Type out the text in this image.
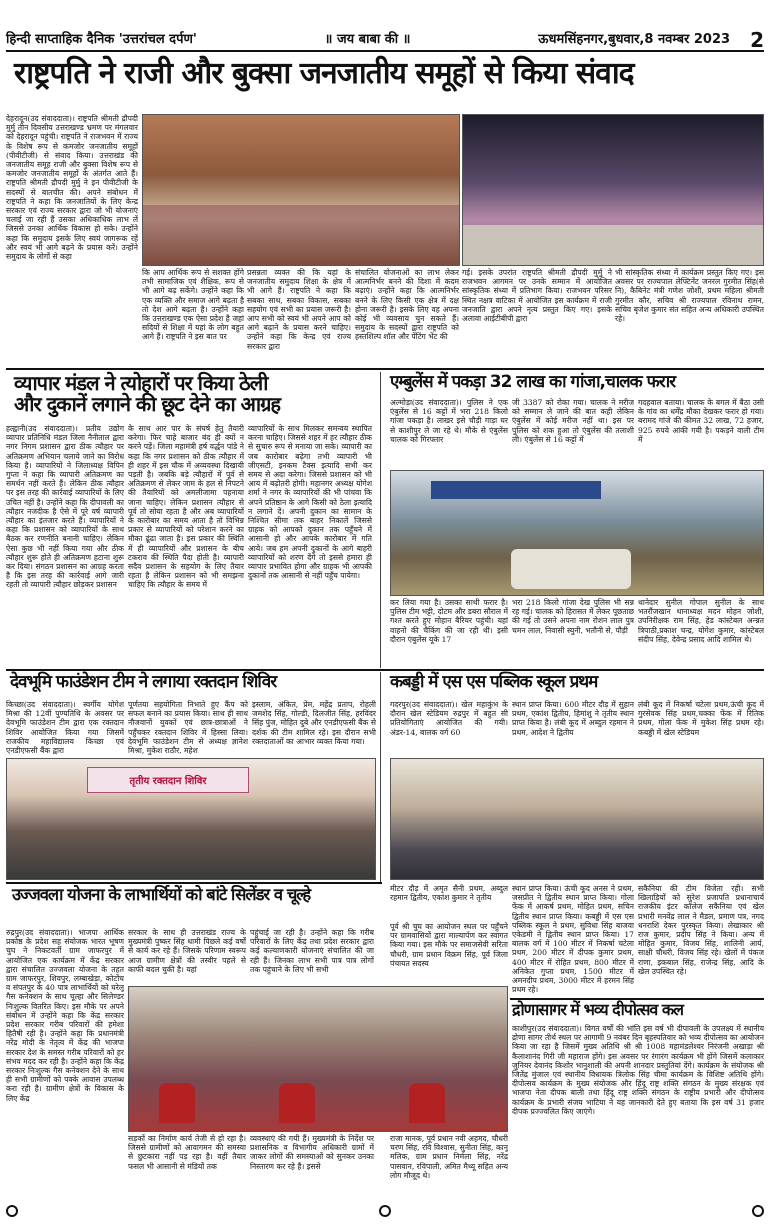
हिन्दी साप्ताहिक दैनिक 'उत्तरांचल दर्पण'	॥ जय बाबा की ॥	ऊधमसिंहनगर,बुधवार,8 नवम्बर 2023 2
राष्ट्रपति ने राजी और बुक्सा जनजातीय समूहों से किया संवाद
देहरादून(उद संवाददाता)। राष्ट्रपति श्रीमती द्रौपदी मुर्मु तीन दिवसीय उत्तराखण्ड भ्रमण पर मंगलवार को देहरादून पहुंची। राष्ट्रपति ने राजभवन में राज्य के विशेष रूप से कमजोर जनजातीय समूहों (पीवीटीजी) से संवाद किया। उत्तराखंड की जनजातीय समूह राजी और बुक्सा विशेष रूप से कमजोर जनजातीय समूहों के अंतर्गत आते हैं। राष्ट्रपति श्रीमती द्रौपदी मुर्मु ने इन पीवीटीजी के सदस्यों से बातचीत की। अपने संबोधन में राष्ट्रपति ने कहा कि जनजातियों के लिए केन्द्र सरकार एवं राज्य सरकार द्वारा जो भी योजनाएं चलाई जा रही हैं उसका अधिकाधिक लाभ लें जिससे उनका आर्थिक विकास हो सके। उन्होंने कहा कि समुदाय इसके लिए स्वयं जागरूक रहें और स्वयं भी आगे बढ़ने के प्रयास करें। उन्होंने समुदाय के लोगों से कहा
कि आप आर्थिक रूप से सशक्त होंगे तभी सामाजिक एवं शैक्षिक, रूप से भी आगे बढ़ सकेंगे। उन्होंने कहा कि एक व्यक्ति और समाज आगे बढ़ता है तो देश आगे बढ़ता है। उन्होंने कहा कि उत्तराखण्ड एक ऐसा प्रदेश है जहां सदियों से शिक्षा में यहां के लोग बहुत आगे हैं। राष्ट्रपति ने इस बात पर
प्रसन्नता व्यक्त की कि यहां के जनजातीय समुदाय शिक्षा के क्षेत्र में भी आगे हैं। राष्ट्रपति ने कहा कि सबका साथ, सबका विकास, सबका सहयोग एवं सभी का प्रयास जरूरी है। आप सभी को स्वयं भी अपने आप को आगे बढ़ाने के प्रयास करने चाहिए। उन्होंने कहा कि केन्द्र एवं राज्य सरकार द्वारा
संचालित योजनाओं का लाभ लेकर आत्मनिर्भर बनने की दिशा में कदम बढ़ाएं। उन्होंने कहा कि आत्मनिर्भर बनने के लिए किसी एक क्षेत्र में दक्ष होना जरूरी है। इसके लिए वह अपना कोई भी व्यवसाय चुन सकते हैं। समुदाय के सदस्यों द्वारा राष्ट्रपति को हस्तशिल्प शॉल और पेंटिंग भेंट की
गई। इसके उपरांत राष्ट्रपति श्रीमती द्रौपदी मुर्मु ने राजभवन आगमन पर उनके सम्मान में आयोजित सांस्कृतिक संध्या में प्रतिभाग किया। राजभवन परिसर स्थित नक्षत्र वाटिका में आयोजित इस कार्यक्रम में राजी जनजाति द्वारा अपने नृत्य प्रस्तुत किए गए। इसके अलावा आईटीबीपी द्वारा
भी सांस्कृतिक संध्या में कार्यक्रम प्रस्तुत किए गए। इस अवसर पर राज्यपाल लेफ्टिनेंट जनरल गुरमीत सिंह(से नि), कैबिनेट मंत्री गणेश जोशी, प्रथम महिला श्रीमती गुरमीत कौर, सचिव श्री राज्यपाल रविनाथ रामन, सचिव बृजेश कुमार संत सहित अन्य अधिकारी उपस्थित रहे।
व्यापार मंडल ने त्योहारों पर किया ठेली
और दुकानें लगाने की छूट देने का आग्रह
हल्द्वानी(उद संवाददाता)। प्रतीय उद्योग व्यापार प्रतिनिधि मंडल जिला नैनीताल द्वारा नगर निगम प्रशासन द्वारा ठीक त्यौहार पर अतिक्रमण अभियान चलाये जाने का विरोध किया है। व्यापारियों ने जिलाध्यक्ष विपिन गुप्ता ने कहा कि व्यापारी अतिक्रमण का समर्थन नहीं करते हैं। लेकिन ठीक त्यौहार पर इस तरह की कार्रवाई व्यापारियों के लिए उचित नहीं है। उन्होंने कहा कि दीपावली का त्यौहार नजदीक है ऐसे में पूरे वर्ष व्यापारी त्यौहार का इंतजार करते हैं। व्यापारियों ने कहा कि प्रशासन को व्यापारियों के साथ बैठक कर रणनीति बनानी चाहिए। लेकिन ऐसा कुछ भी नहीं किया गया और ठीक त्यौहार शुरू होते ही अतिक्रमण हटाना शुरू कर दिया। संगठन प्रशासन का आग्रह करता है कि इस तरह की कार्रवाई आगे जारी रहती तो व्यापारी त्यौहार छोड़कर प्रशासन
के साथ आर पार के संघर्ष हेतु तैयारी करेगा। फिर चाहे बाजार बंद ही क्यों न करने पड़ें। जिला महामंत्री हर्ष वर्द्धन पांडे ने कहा कि नगर प्रशासन को ठीक त्यौहार में ही शहर में इस चौक में अव्यवस्था दिखायी पड़ती है। जबकि बड़े त्यौहारों में पूर्व से अतिक्रमण से लेकर जाम के हल से निपटने की तैयारियों को अमलीजामा पहनाया जाना चाहिए। लेकिन प्रशासन त्यौहार से पूर्व तो सोया रहता है और अब व्यापारियों के कारोबार का समय आता है तो विभिन्न प्रकार से व्यापारियों को परेशान करने का मौका ढूंढा जाता है। इस प्रकार की स्थिति में ही व्यापारियों और प्रशासन के बीच टकराव की स्थिति पैदा होती है। व्यापारी सदैव प्रशासन के सहयोग के लिए तैयार रहता है लेकिन प्रशासन को भी समझना चाहिए कि त्यौहार के समय में
व्यापारियों के साथ मिलकर समन्वय स्थापित करना चाहिए। जिससे शहर में हर त्यौहार ठीक से सुचारु रूप से मनाया जा सके। व्यापारी का जब कारोबार बढ़ेगा तभी व्यापारी भी जीएसटी, इनकम टैक्स इत्यादि सभी कर समय से अदा करेगा। जिससे प्रशासन को भी आय में बढ़ोतरी होगी। महानगर अध्यक्ष योगेश शर्मा ने नगर के व्यापारियों की भी पांचवा कि अपने प्रतिष्ठान के आगे किसी को ठेला इत्यादि न लगाने दें। अपनी दुकान का सामान के निश्चित सीमा तक बाहर निकालें जिससे ग्राहक को आपको दुकान तक पहुँचने में आसानी हो और आपके कारोबार में गति आये। जब हम अपनी दुकानों के आगे बाहरी व्यापारियों को शरण देंगे तो इससे हमारा ही व्यापार प्रभावित होगा और ग्राहक भी आपकी दुकानों तक आसानी से नहीं पहुँच पायेगा।
एम्बुलेंस में पकड़ा 32 लाख का गांजा,चालक फरार
अल्मोड़ा(उद संवाददाता)। पुलिस ने एक एंबुलेंस से 16 कट्टों में भरा 218 किलो गांजा पकड़ा है। लाखर इसे चौड़ी गाड़ा घर से काशीपुर ले जा रहे थे। मौके से एंबुलेंस चालक को गिरफ्तार
जी 3387 को रोका गया। चालक ने मरीज को सम्मान ले जाने की बात कही लेकिन एंबुलेंस में कोई मरीज नहीं था। इस पर पुलिस को शक हुआ तो एंबुलेंस की तलाशी ली। एंबुलेंस से 16 कट्टों में
गदहवाल बताया। चालक के बगल में बैठा उसी के गांव का धर्मेंद्र मौका देखकर फरार हो गया। बरामद गांजे की कीमत 32 लाख, 72 हजार, 925 रुपये आंकी गयी है। पकड़ने वाली टीम में
कर लिया गया है। उसका साथी फरार है। पुलिस टीम भट्टी, दोटम और डबरा सौराल में गश्त करते हुए मोहान बैरियर पहुंची। यहां वाहनों की चैकिंग की जा रही थी। इसी दौरान एंबुलेंस यूके 17
भरा 218 किलो गांजा देख पुलिस भी सन्न रह गई। चालक को हिरासत में लेकर पूछताछ की गई तो उसने अपना नाम रोशन लाल पुत्र चमन लाल, निवासी स्युनी, भतौनी से, पौड़ी
थानेदार सुनील गोपाल सुनील के साथ भतरौंजखान थानाध्यक्ष मदन मोहन जोशी, उपनिरीक्षक राम सिंह, हेड कांस्टेबल अन्न्नत त्रिपाठी,प्रकाश चन्द्र, योगेश कुमार, कांस्टेबल संदीप सिंह, देवेन्द्र प्रसाद आदि शामिल थे।
देवभूमि फाउंडेशन टीम ने लगाया रक्तदान शिविर
किच्छा(उद संवाददाता)। स्वर्गीय योगेश मिश्रा की 12वीं पुण्यतिथि के अवसर पर देवभूमि फाउंडेशन टीम द्वारा एक रक्तदान शिविर आयोजित किया गया जिसमें राजकीय महाविद्यालय किच्छा एवं एनडीएफसी बैंक द्वारा
पूर्णतया सहयोगिता निभाते हुए कैंप को सफल बनाने का प्रयास किया। साथ ही साथ नौजवानों युवकों एवं छात्र-छात्राओं ने पहुँचकर रक्तदान शिविर में हिस्सा लिया। देवभूमि फाउंडेशन टीम से अध्यक्ष ज्ञानेश मिश्रा, मुकेश राठौर, महेश
इस्लाम, अंकित, प्रेम, महेंद्र प्रताप, रोहली जमशेद सिंह, गोल्डी, दिलजीत सिंह, हरविंदर सिंह पुंज, मोहित दुबे और एनडीएफसी बैंक से दर्शक की टीम शामिल रहे। इस दौरान सभी रक्तदाताओं का आभार व्यक्त किया गया।
तृतीय रक्तदान शिविर
कबड्डी में एस एस पब्लिक स्कूल प्रथम
गदरपुर(उद संवाददाता)। खेल महाकुंभ के दौरान खेल स्टेडियम रुद्रपुर में बहुत सी प्रतियोगिताएं आयोजित की गयी। अंडर-14, बालक वर्ग 60
स्थान प्राप्त किया। 600 मीटर दौड़ में सुहान प्रथम, एकांश द्वितीय, हिमांशु ने तृतीय स्थान प्राप्त किया है। लंबी कूद में अब्दुल रहमान ने प्रथम, आदेश ने द्वितीय
लंबी कूद में निकर्षा चटेला प्रथम,ऊंची कूद में गुरसेवक सिंह प्रथम,चक्का फेंक में रितिक प्रथम, गोला फेंक में मुकेश सिंह प्रथम रहे। कबड्डी में खेल स्टेडियम
मीटर दौड़ में अमृत सैनी प्रथम, अब्दुल रहमान द्वितीय, एकांश कुमार ने तृतीय
स्थान प्राप्त किया। ऊंची कूद अनस ने प्रथम, जसप्रीत ने द्वितीय स्थान प्राप्त किया। गोला फेंक में आकर्ष प्रथम, मोहित प्रथम, सचिन द्वितीय स्थान प्राप्त किया। कबड्डी में एस एस पब्लिक स्कूल ने प्रथम, सुविधा सिंह बाजवा एकेडमी ने द्वितीय स्थान प्राप्त किया। 17 बालक वर्ग में 100 मीटर में निकर्षा चटेला प्रथम, 200 मीटर में दीपक कुमार प्रथम, 400 मीटर में रोहित प्रथम, 800 मीटर में अनिकेत गुप्ता प्रथम, 1500 मीटर में अमनदीप प्रथम, 3000 मीटर में हरमन सिंह प्रथम रहे।
सकैनिया की टीम विजेता रही। सभी खिलाड़ियों को सुरेश प्रजापति प्रधानाचार्य राजकीय इंटर कॉलेज सकैनिया एवं खेल प्रभारी मनवेंद्र लाल ने मैडल, प्रमाण पत्र, नगद धनराशि देकर पुरस्कृत किया। लेखाकार श्री राज कुमार, प्रदीप सिंह ने किया। अन्य में मोहित कुमार, विजय सिंह, शालिनी आर्य, साक्षी चौधरी, विजय सिंह रहे। खेलों में पंकज राणा, इकबाल सिंह, राजेन्द्र सिंह, आदि के खेल उपस्थित रहे।
उज्जवला योजना के लाभार्थियों को बांटे सिलेंडर व चूल्हे
रुद्रपुर(उद संवाददाता)। भाजपा आर्थिक प्रकोष्ठ के प्रदेश सह संयोजक भारत भूषण चुघ ने निकटवर्ती ग्राम जाफरपुर में आयोजित एक कार्यक्रम में केंद्र सरकार द्वारा संचालित उज्जवला योजना के तहत ग्राम जाफरपुर, शिवपुर, लम्बाखेड़ा, कोटोंच व संपतपुर के 40 पात्र लाभार्थियों को घरेलू गैस कनेक्शन के साथ चूल्हा और सिलेण्डर निःशुल्क वितरित किए। इस मौके पर अपने संबोधन में उन्होंने कहा कि केंद्र सरकार प्रदेश सरकार गरीब परिवारों की हमेशा हितैषी रही है। उन्होंने कहा कि प्रधानमंत्री नरेंद्र मोदी के नेतृत्व में केंद्र की भाजपा सरकार देश के समस्त गरीब परिवारों को हर संभव मदद कर रही है। उन्होंने कहा कि केंद्र सरकार निःशुल्क गैस कनेक्शन देने के साथ ही सभी ग्रामीणों को पक्के आवास उपलब्ध करा रही है। ग्रामीण क्षेत्रों के विकास के लिए केंद्र
सरकार के साथ ही उत्तराखंड राज्य के मुख्यमंत्री पुष्कर सिंह धामी पिछले कई वर्षों से कार्य कर रहे हैं। जिसके परिणाम स्वरूप आज ग्रामीण क्षेत्रों की तस्वीर पहले से काफी बदल चुकी है। यहां
पहुंचाई जा रही है। उन्होंने कहा कि गरीब परिवारों के लिए केंद्र तथा प्रदेश सरकार द्वारा कई कल्याणकारी योजनाएं संचालित की जा रही हैं। जिनका लाभ सभी पात्र पात्र लोगों तक पहुंचाने के लिए भी सभी
पूर्व श्री चुघ का आयोजन स्थल पर पहुँचने पर ग्रामवासियों द्वारा माल्यार्पण कर स्वागत किया गया। इस मौके पर समाजसेवी सरिता चौधरी, ग्राम प्रधान विक्रम सिंह, पूर्व जिला पंचायत सदस्य
सड़कों का निर्माण कार्य तेजी से हो रहा है। जिससे ग्रामीणों को आवागमन की समस्या से छुटकारा नहीं पड़ रहा है। वहीं तैयार फसल भी आसानी से मंडियों तक
व्यवस्थाएं की गयी हैं। मुख्यमंत्री के निर्देश पर प्रशासनिक व विभागीय अधिकारी ग्रामों में जाकर लोगों की समस्याओं को सुनकर उनका निस्तारण कर रहे हैं। इससे
राजा मानक, पूर्व प्रधान नवी अहमद, चौधरी चरण सिंह, रवि विश्वास, सुनीता सिंह, कानू मलिक, ग्राम प्रधान निर्मला सिंह, नरेंद्र पासवान, रविपाली, अमित मैथ्यू सहित अन्य लोग मौजूद थे।
द्रोणासागर में भव्य दीपोत्सव कल
काशीपुर(उद संवाददाता)। विगत वर्षों की भांति इस वर्ष भी दीपावली के उपलक्ष्य में स्थानीय द्रोणा सागर तीर्थ स्थल पर आगामी 9 नवंबर दिन बृहस्पतिवार को भव्य दीपोत्सव का आयोजन किया जा रहा है जिसमें मुख्य अतिथि श्री श्री 1008 महामंडलेश्वर निरंजनी अखाड़ा श्री कैलाशानंद गिरी जी महाराज होंगे। इस अवसर पर रंगारंग कार्यक्रम भी होंगे जिसमें कलाकार जुनियर देवानंद किशोर भानुशाली की अपनी शानदार प्रस्तुतियां देंगे। कार्यक्रम के संयोजक श्री जितेंद्र मुंजाल एवं स्थानीय विधायक त्रिलोक सिंह चीमा कार्यक्रम के विशिष्ट अतिथि होंगे। दीपोत्सव कार्यक्रम के मुख्य संयोजक और हिंदू राष्ट्र शक्ति संगठन के मुख्य संरक्षक एवं भाजपा नेता दीपक बाली तथा हिंदू राष्ट्र शक्ति संगठन के राष्ट्रीय प्रभारी और दीपोत्सव कार्यक्रम के प्रभारी संजय भाटिया ने यह जानकारी देते हुए बताया कि इस वर्ष 31 हजार दीपक प्रज्ज्वलित किए जाएंगे।
